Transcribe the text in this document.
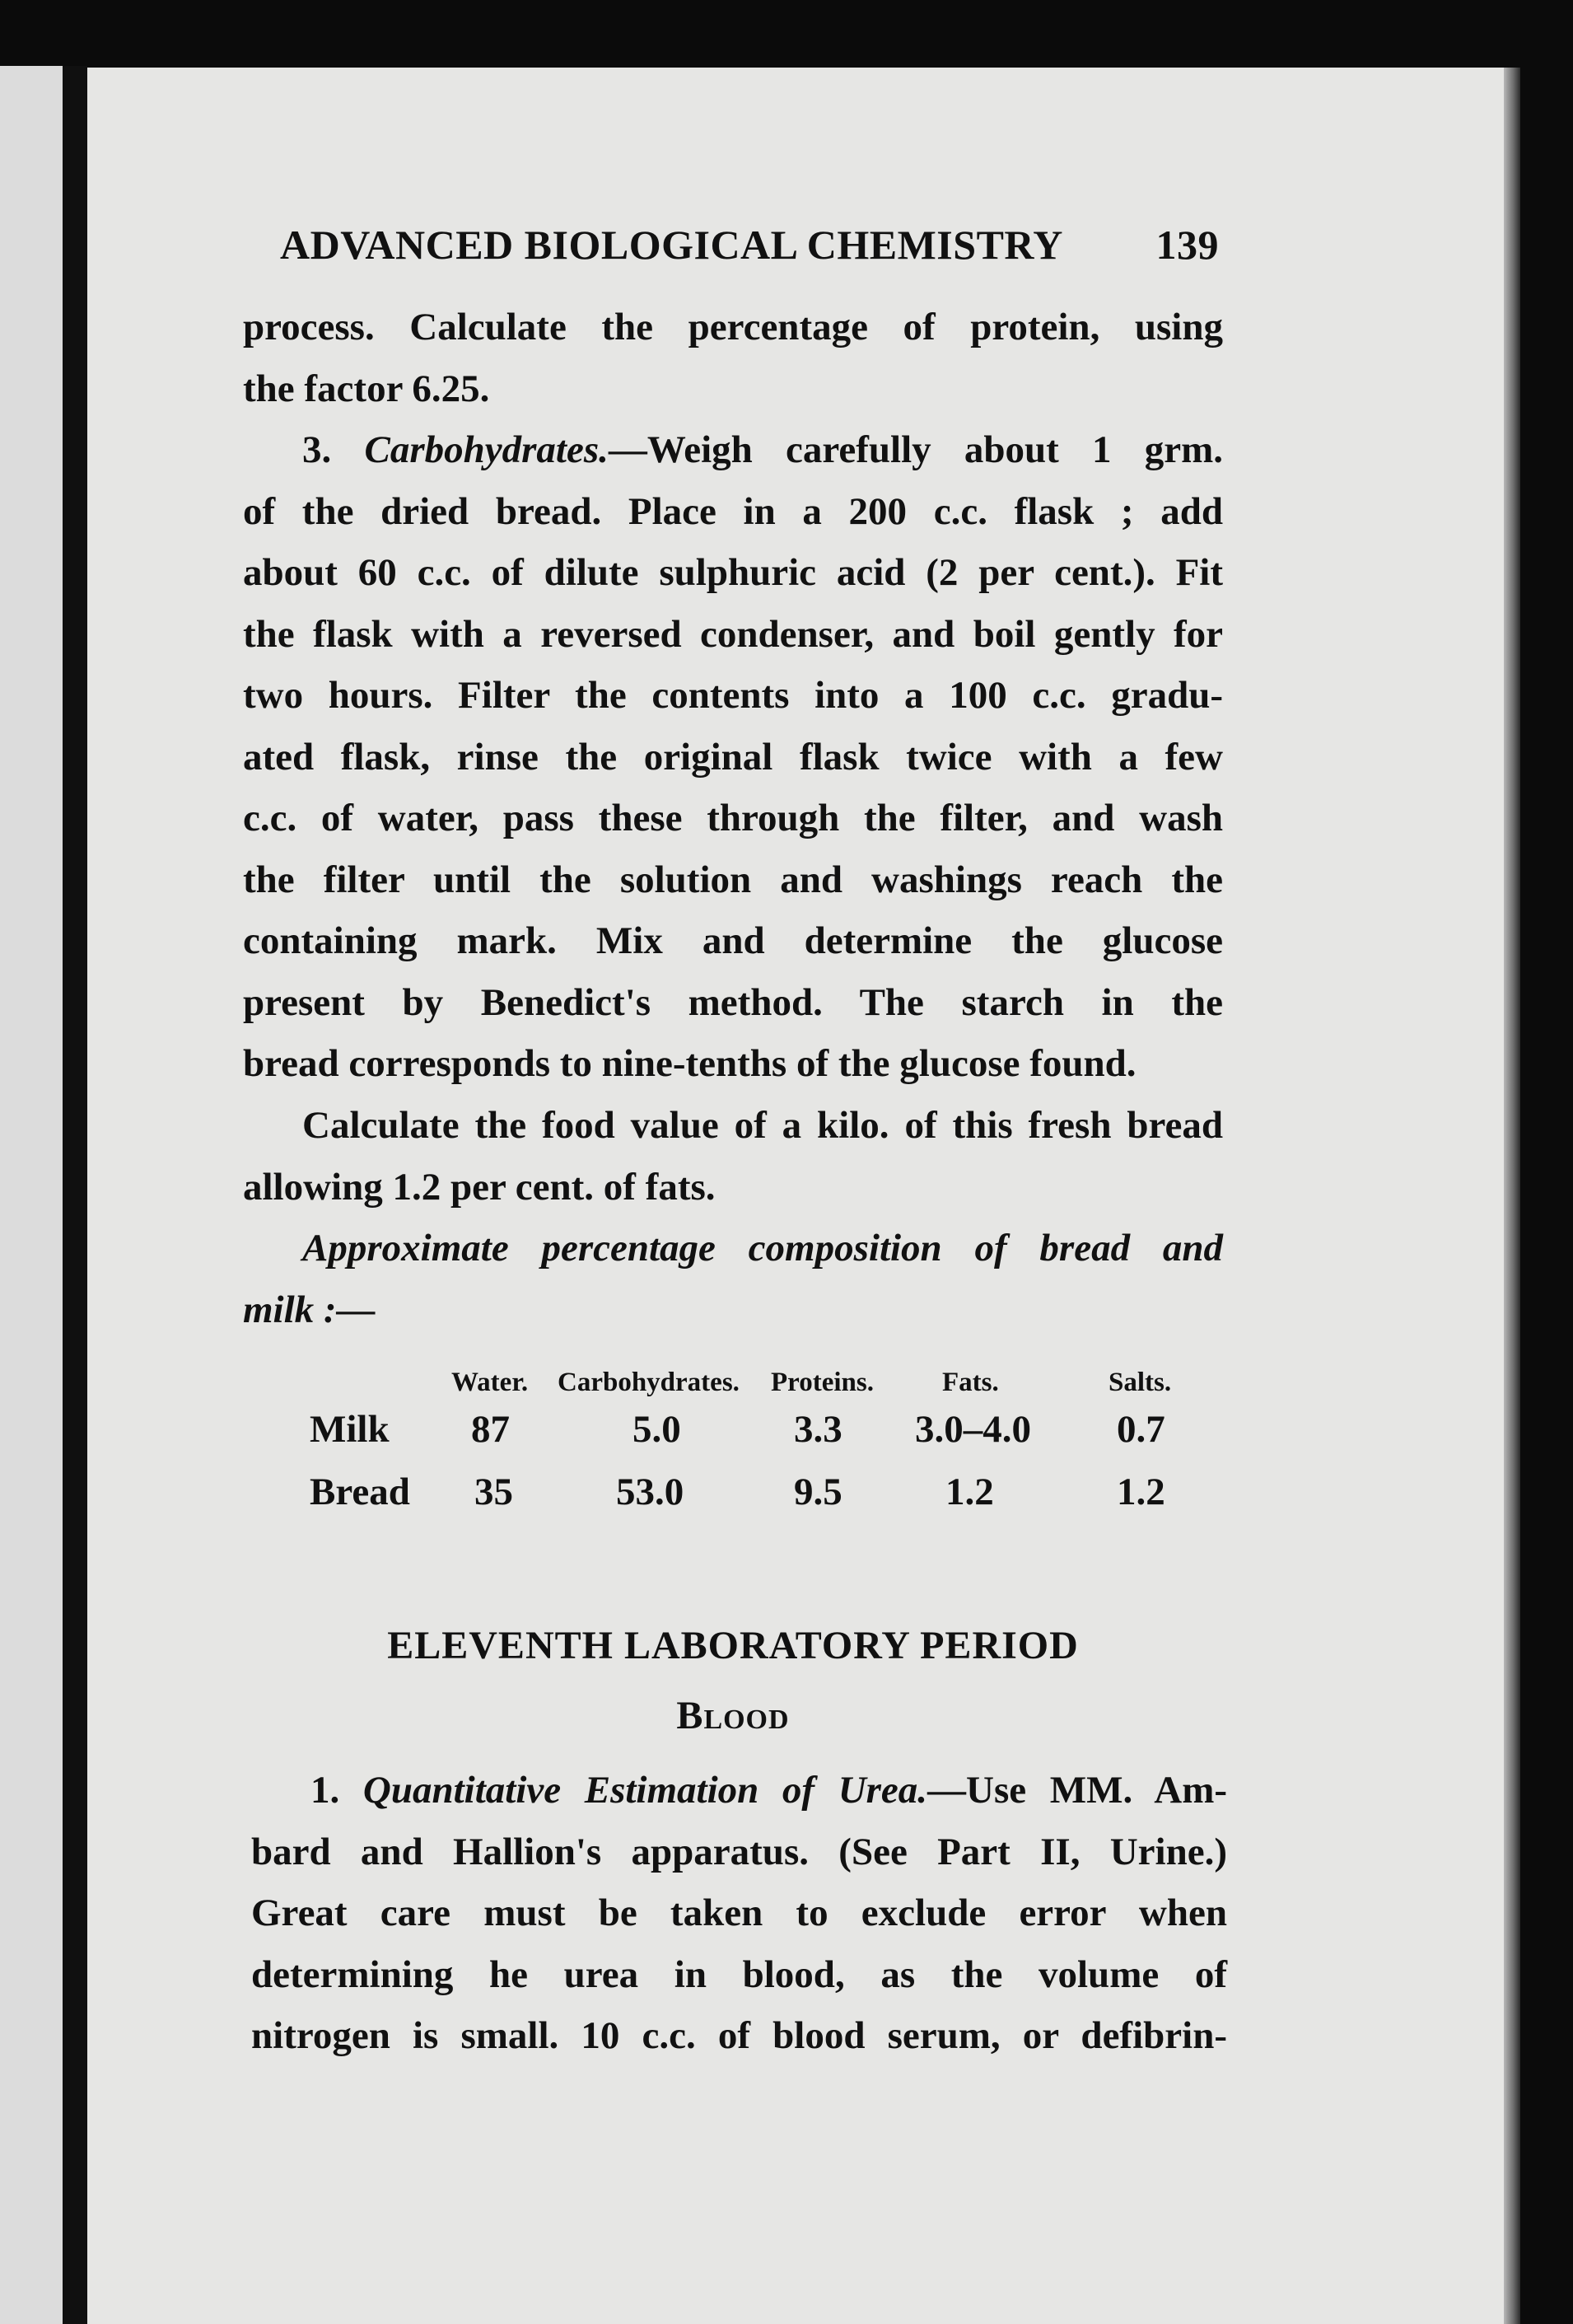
ADVANCED BIOLOGICAL CHEMISTRY 139
process. Calculate the percentage of protein, using
the factor 6.25.
3. Carbohydrates.—Weigh carefully about 1 grm.
of the dried bread. Place in a 200 c.c. flask ; add
about 60 c.c. of dilute sulphuric acid (2 per cent.). Fit
the flask with a reversed condenser, and boil gently for
two hours. Filter the contents into a 100 c.c. gradu-
ated flask, rinse the original flask twice with a few
c.c. of water, pass these through the filter, and wash
the filter until the solution and washings reach the
containing mark. Mix and determine the glucose
present by Benedict's method. The starch in the
bread corresponds to nine-tenths of the glucose found.
Calculate the food value of a kilo. of this fresh bread
allowing 1.2 per cent. of fats.
Approximate percentage composition of bread and
milk :—
Water. Carbohydrates. Proteins.	Fats.	Salts.
Milk 87	5.0	3.3 3.0–4.0 0.7
Bread 35	53.0	9.5	1.2	1.2
ELEVENTH LABORATORY PERIOD
Blood
1. Quantitative Estimation of Urea.—Use MM. Am-
bard and Hallion's apparatus. (See Part II, Urine.)
Great care must be taken to exclude error when
determining he urea in blood, as the volume of
nitrogen is small. 10 c.c. of blood serum, or defibrin-
